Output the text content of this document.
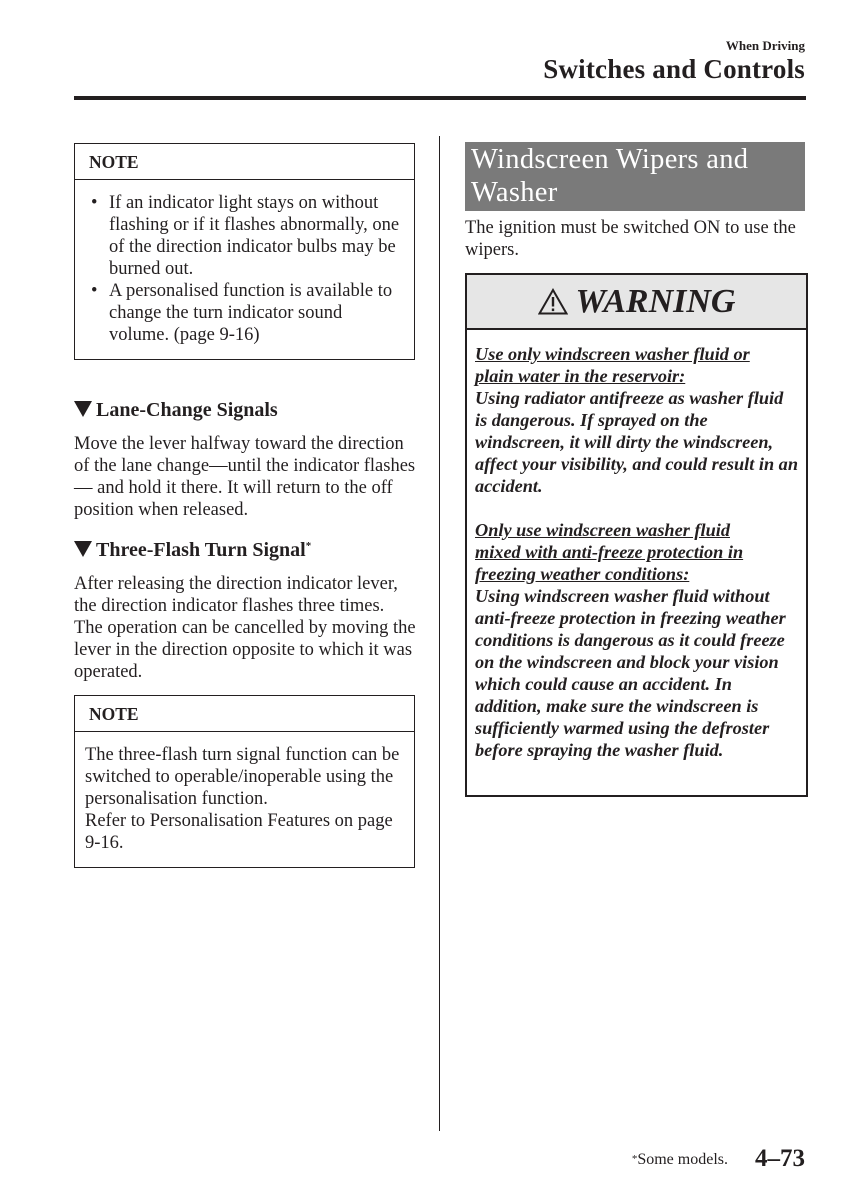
When Driving
Switches and Controls
NOTE
• If an indicator light stays on without flashing or if it flashes abnormally, one of the direction indicator bulbs may be burned out.
• A personalised function is available to change the turn indicator sound volume. (page 9-16)
Lane-Change Signals

Move the lever halfway toward the direction of the lane change—until the indicator flashes— and hold it there. It will return to the off position when released.

Three-Flash Turn Signal*

After releasing the direction indicator lever, the direction indicator flashes three times. The operation can be cancelled by moving the lever in the direction opposite to which it was operated.

NOTE

The three-flash turn signal function can be switched to operable/inoperable using the personalisation function.

Refer to Personalisation Features on page 9-16.

Windscreen Wipers and Washer

The ignition must be switched ON to use the wipers.

WARNING
Use only windscreen washer fluid or plain water in the reservoir:
Using radiator antifreeze as washer fluid is dangerous. If sprayed on the windscreen, it will dirty the windscreen, affect your visibility, and could result in an accident.
Only use windscreen washer fluid mixed with anti-freeze protection in freezing weather conditions:
Using windscreen washer fluid without anti-freeze protection in freezing weather conditions is dangerous as it could freeze on the windscreen and block your vision which could cause an accident. In addition, make sure the windscreen is sufficiently warmed using the defroster before spraying the washer fluid.
*Some models. 4–73
